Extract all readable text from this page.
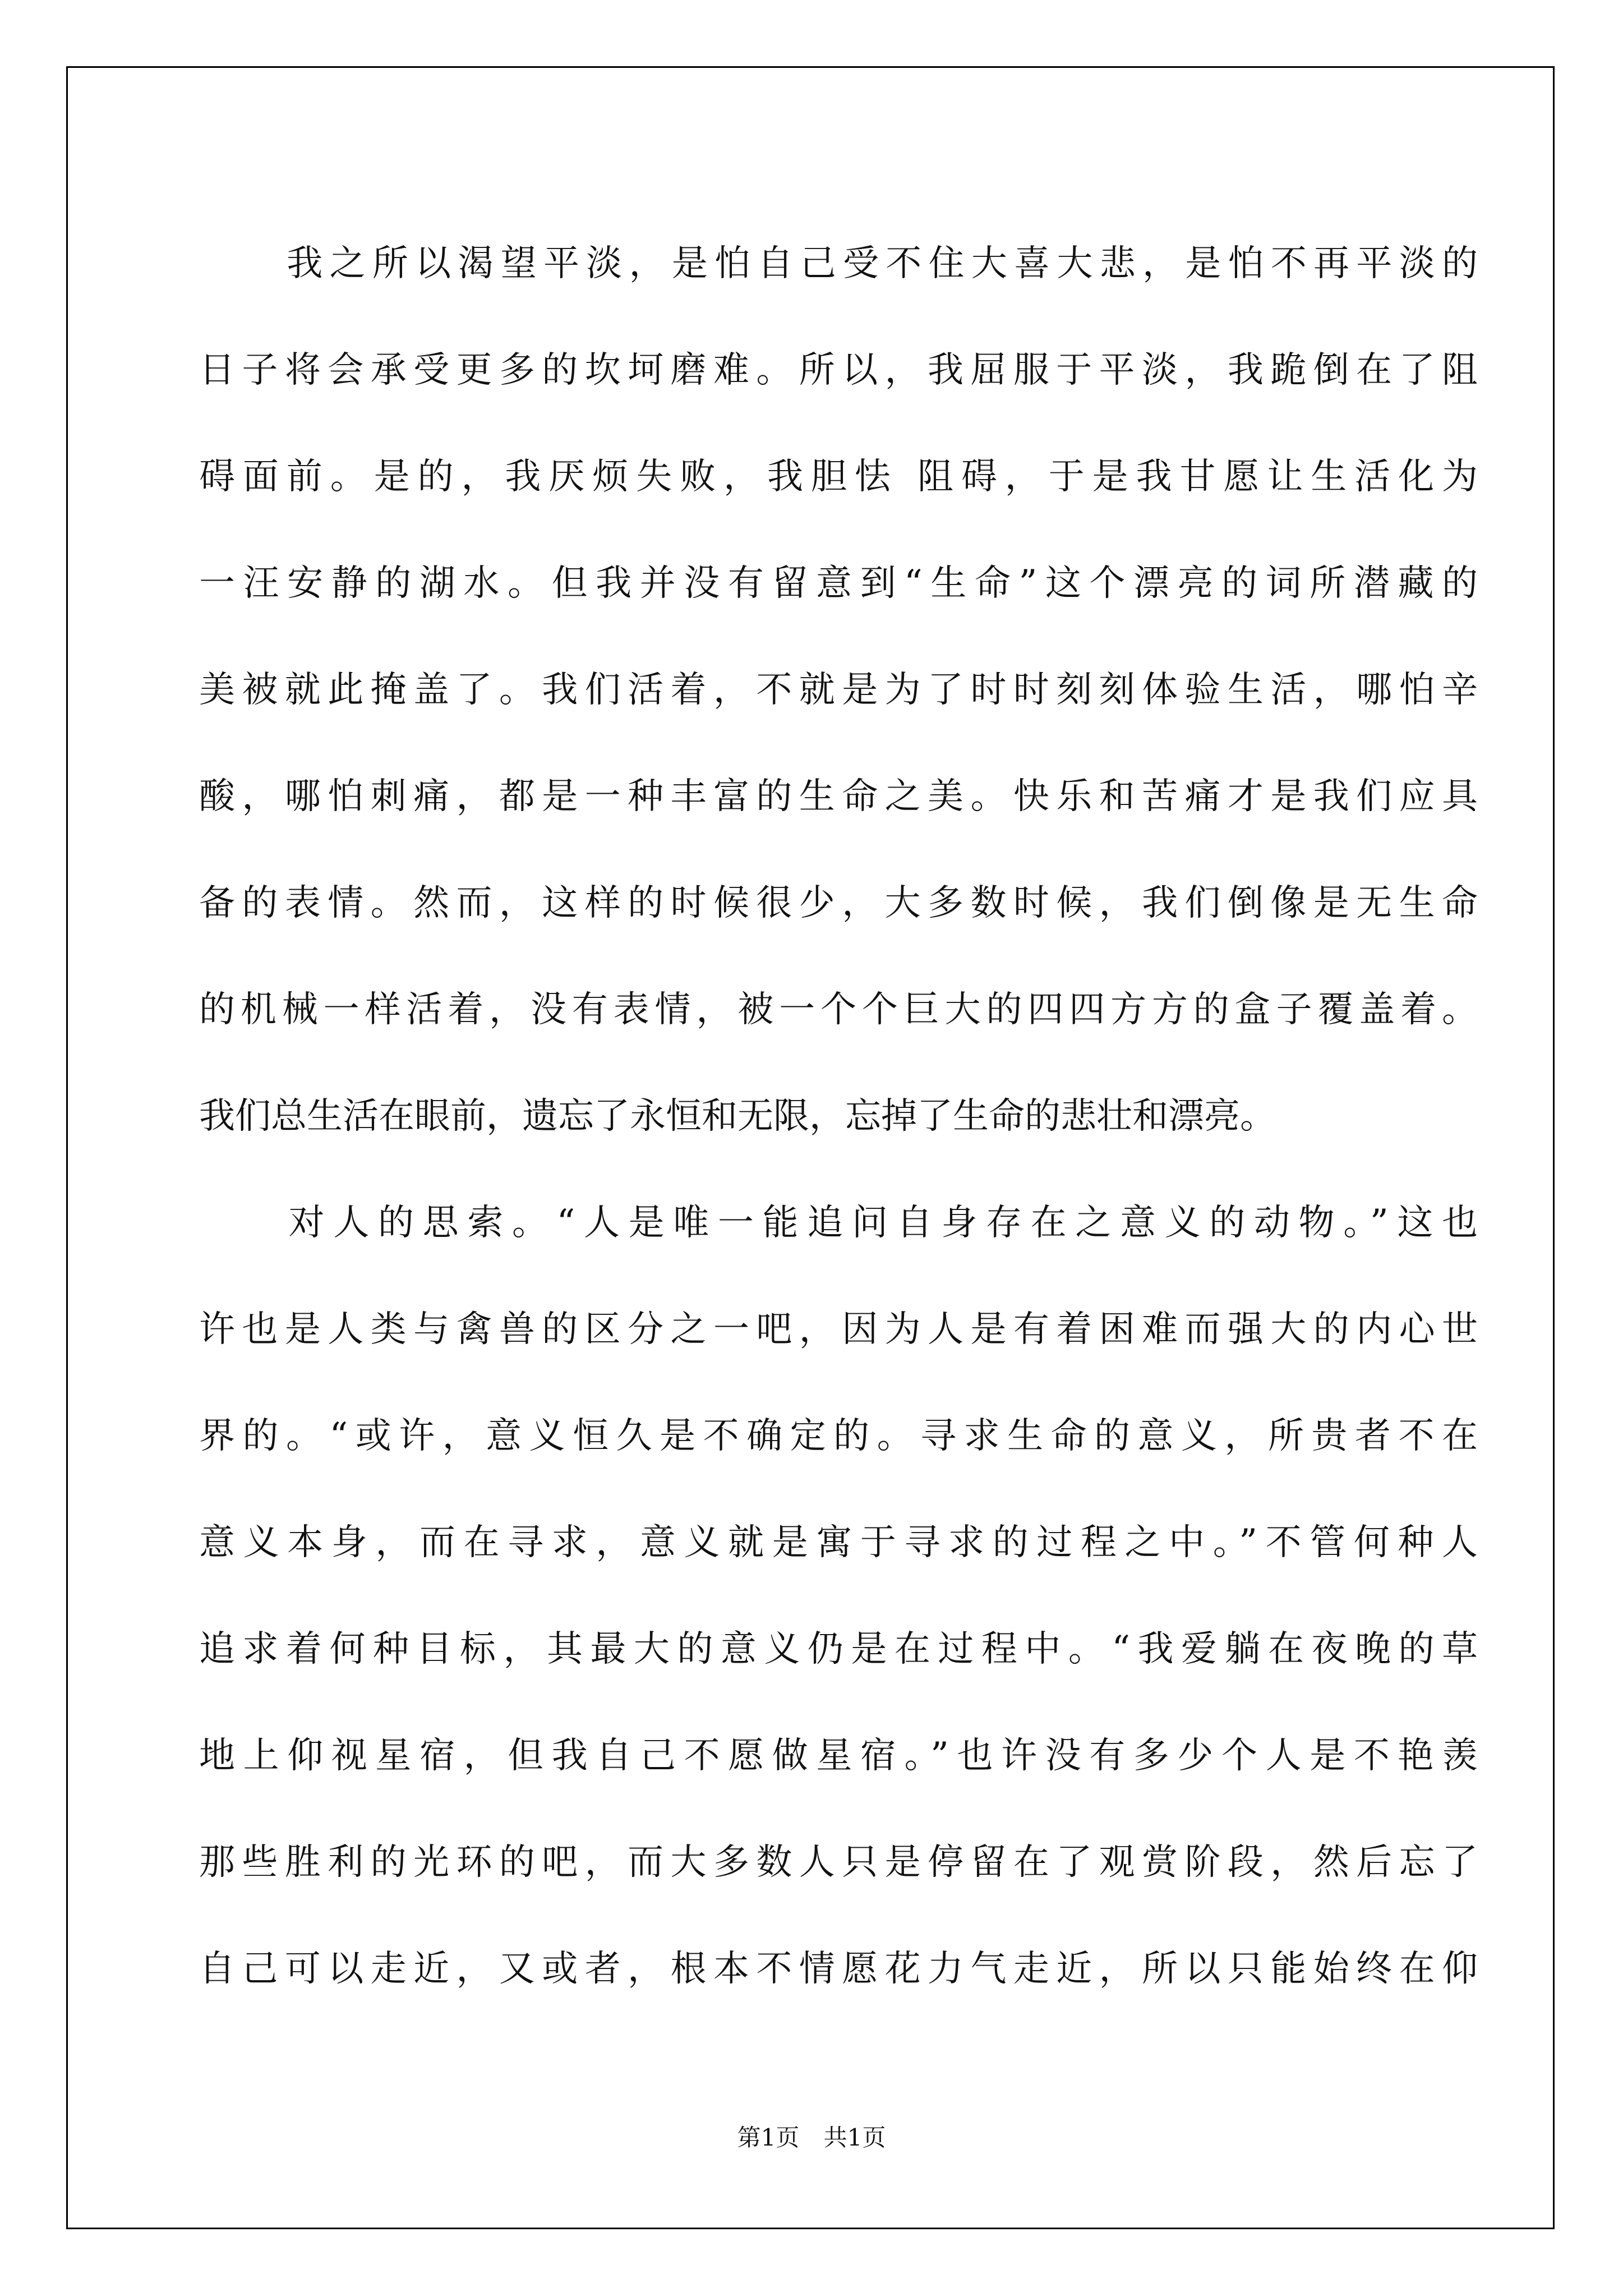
我之所以渴望平淡，是怕自己受不住大喜大悲，是怕不再平淡的
日子将会承受更多的坎坷磨难。所以，我屈服于平淡，我跪倒在了阻
碍面前。是的，我厌烦失败，我胆怯 阻碍，于是我甘愿让生活化为
一汪安静的湖水。但我并没有留意到“生命”这个漂亮的词所潜藏的
美被就此掩盖了。我们活着，不就是为了时时刻刻体验生活，哪怕辛
酸，哪怕刺痛，都是一种丰富的生命之美。快乐和苦痛才是我们应具
备的表情。然而，这样的时候很少，大多数时候，我们倒像是无生命
的机械一样活着，没有表情，被一个个巨大的四四方方的盒子覆盖着。
我们总生活在眼前，遗忘了永恒和无限，忘掉了生命的悲壮和漂亮。
对人的思索。“人是唯一能追问自身存在之意义的动物。”这也
许也是人类与禽兽的区分之一吧，因为人是有着困难而强大的内心世
界的。“或许，意义恒久是不确定的。寻求生命的意义，所贵者不在
意义本身，而在寻求，意义就是寓于寻求的过程之中。”不管何种人
追求着何种目标，其最大的意义仍是在过程中。“我爱躺在夜晚的草
地上仰视星宿，但我自己不愿做星宿。”也许没有多少个人是不艳羡
那些胜利的光环的吧，而大多数人只是停留在了观赏阶段，然后忘了
自己可以走近，又或者，根本不情愿花力气走近，所以只能始终在仰
第1页 共1页
